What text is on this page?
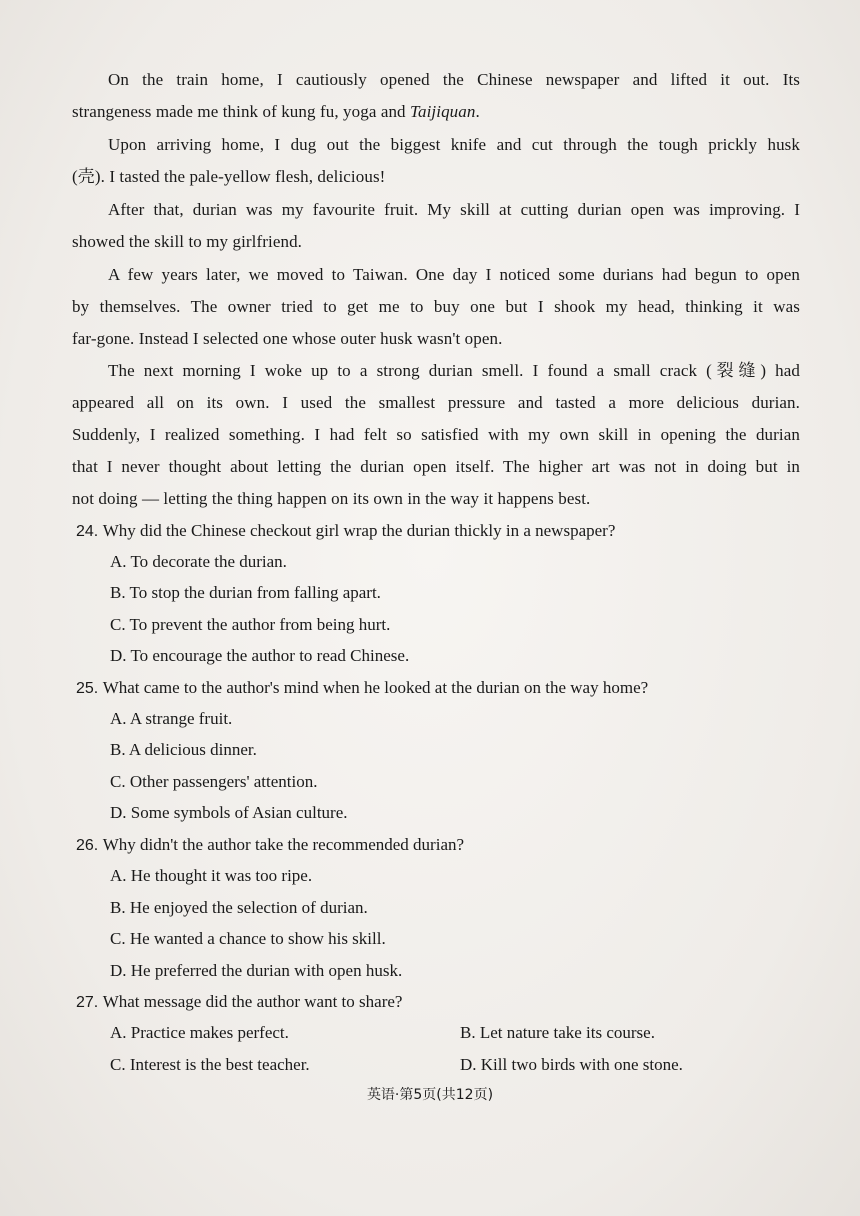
On the train home, I cautiously opened the Chinese newspaper and lifted it out. Its
strangeness made me think of kung fu, yoga and Taijiquan.
Upon arriving home, I dug out the biggest knife and cut through the tough prickly husk
(壳). I tasted the pale-yellow flesh, delicious!
After that, durian was my favourite fruit. My skill at cutting durian open was improving. I
showed the skill to my girlfriend.
A few years later, we moved to Taiwan. One day I noticed some durians had begun to open
by themselves. The owner tried to get me to buy one but I shook my head, thinking it was
far-gone. Instead I selected one whose outer husk wasn't open.
The next morning I woke up to a strong durian smell. I found a small crack (裂缝) had
appeared all on its own. I used the smallest pressure and tasted a more delicious durian.
Suddenly, I realized something. I had felt so satisfied with my own skill in opening the durian
that I never thought about letting the durian open itself. The higher art was not in doing but in
not doing — letting the thing happen on its own in the way it happens best.
24. Why did the Chinese checkout girl wrap the durian thickly in a newspaper?
A. To decorate the durian.
B. To stop the durian from falling apart.
C. To prevent the author from being hurt.
D. To encourage the author to read Chinese.
25. What came to the author's mind when he looked at the durian on the way home?
A. A strange fruit.
B. A delicious dinner.
C. Other passengers' attention.
D. Some symbols of Asian culture.
26. Why didn't the author take the recommended durian?
A. He thought it was too ripe.
B. He enjoyed the selection of durian.
C. He wanted a chance to show his skill.
D. He preferred the durian with open husk.
27. What message did the author want to share?
A. Practice makes perfect.	B. Let nature take its course.
C. Interest is the best teacher.	D. Kill two birds with one stone.
英语·第5页(共12页)
